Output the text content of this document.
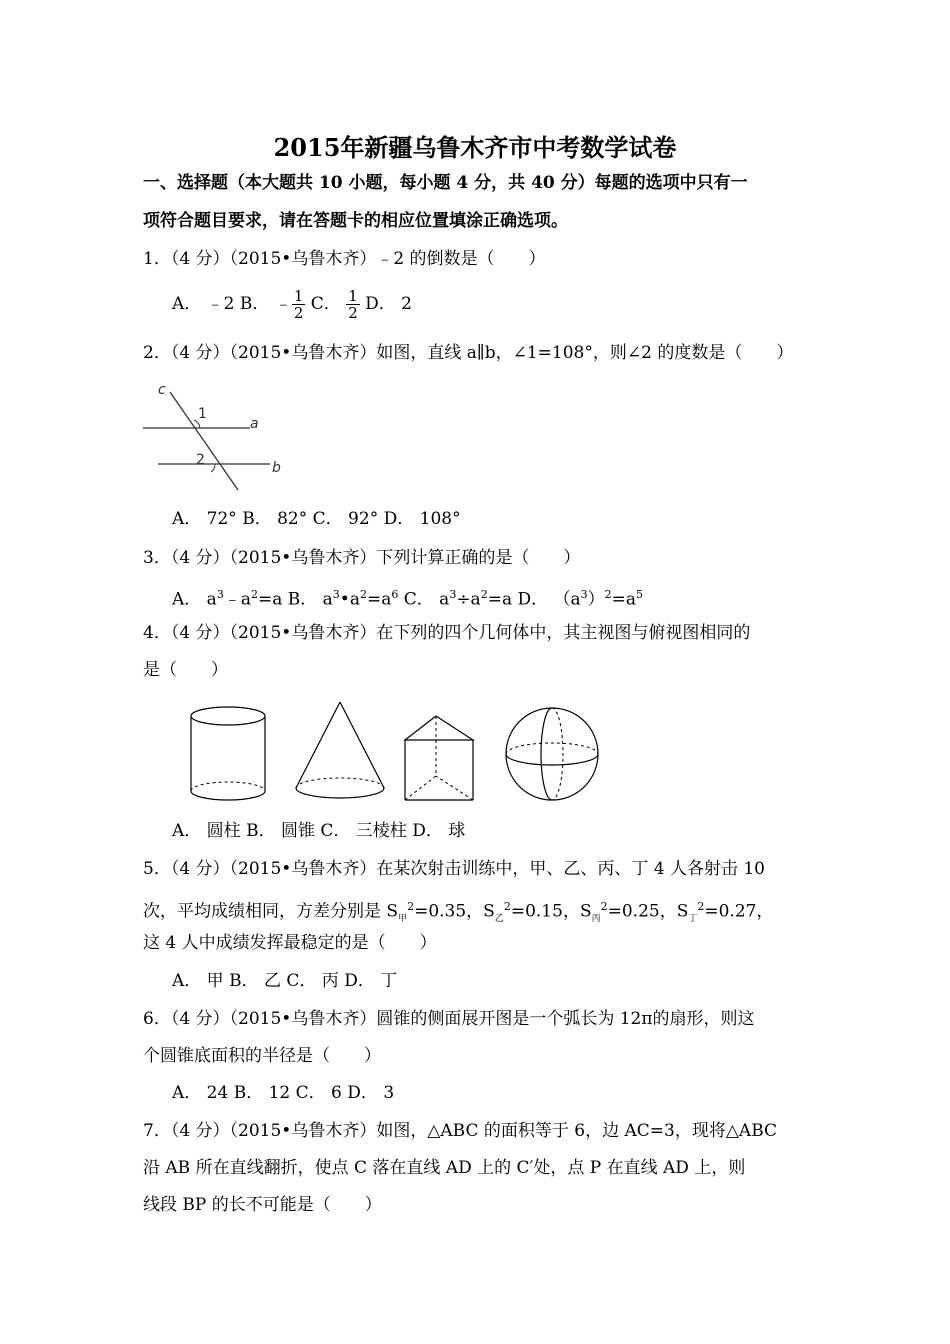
2015年新疆乌鲁木齐市中考数学试卷
一、选择题（本大题共 10 小题，每小题 4 分，共 40 分）每题的选项中只有一
项符合题目要求，请在答题卡的相应位置填涂正确选项。
1．（4 分）（2015•乌鲁木齐）﹣2 的倒数是（　　）
A． ﹣2 B． ﹣ $\frac{1}{2}$ C． $\frac{1}{2}$ D． 2
2．（4 分）（2015•乌鲁木齐）如图，直线 a∥b，∠1=108°，则∠2 的度数是（　　）
c
a
b
1
2
A． 72° B． 82° C． 92° D． 108°
3．（4 分）（2015•乌鲁木齐）下列计算正确的是（　　）
A． $a^3﹣a^2=a$ B． $a^3•a^2=a^6$ C． $a^3\div a^2=a$ D． $(a^3)^2=a^5$
4．（4 分）（2015•乌鲁木齐）在下列的四个几何体中，其主视图与俯视图相同的
是（　　）
A． 圆柱 B． 圆锥 C． 三棱柱 D． 球
5．（4 分）（2015•乌鲁木齐）在某次射击训练中，甲、乙、丙、丁 4 人各射击 10
次，平均成绩相同，方差分别是 $S_甲^2=0.35$，$S_乙^2=0.15$，$S_丙^2=0.25$，$S_丁^2=0.27$，
这 4 人中成绩发挥最稳定的是（　　）
A． 甲 B． 乙 C． 丙 D． 丁
6．（4 分）（2015•乌鲁木齐）圆锥的侧面展开图是一个弧长为 12π的扇形，则这
个圆锥底面积的半径是（　　）
A． 24 B． 12 C． 6 D． 3
7．（4 分）（2015•乌鲁木齐）如图，△ABC 的面积等于 6，边 AC=3，现将△ABC
沿 AB 所在直线翻折，使点 C 落在直线 AD 上的 C′处，点 P 在直线 AD 上，则
线段 BP 的长不可能是（　　）
